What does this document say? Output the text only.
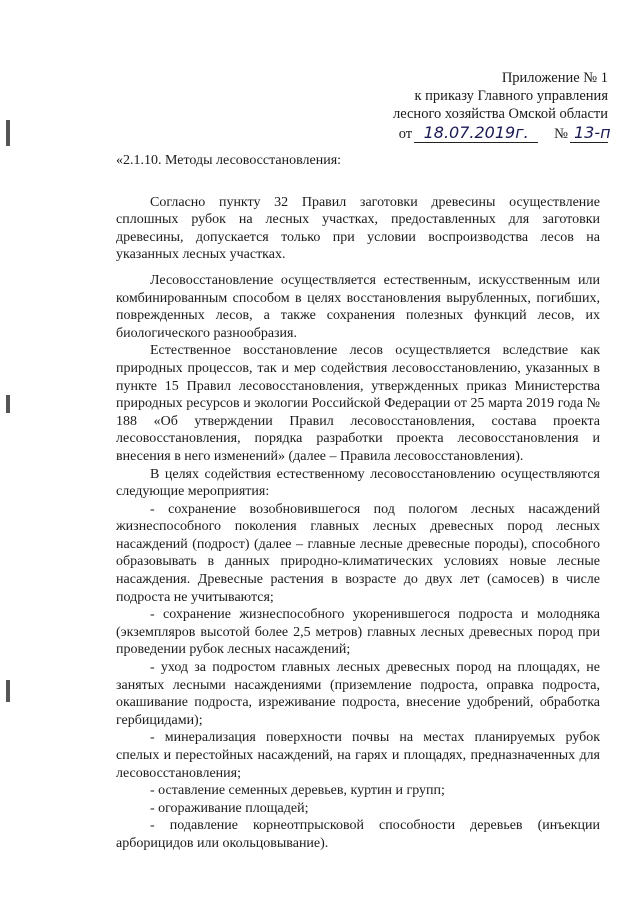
Приложение № 1
к приказу Главного управления
лесного хозяйства Омской области
от 18.07.2019г.	№ 13-п

«2.1.10. Методы лесовосстановления:

Согласно пункту 32 Правил заготовки древесины осуществление сплошных рубок на лесных участках, предоставленных для заготовки древесины, допускается только при условии воспроизводства лесов на указанных лесных участках.

Лесовосстановление осуществляется естественным, искусственным или комбинированным способом в целях восстановления вырубленных, погибших, поврежденных лесов, а также сохранения полезных функций лесов, их биологического разнообразия.

Естественное восстановление лесов осуществляется вследствие как природных процессов, так и мер содействия лесовосстановлению, указанных в пункте 15 Правил лесовосстановления, утвержденных приказ Министерства природных ресурсов и экологии Российской Федерации от 25 марта 2019 года № 188 «Об утверждении Правил лесовосстановления, состава проекта лесовосстановления, порядка разработки проекта лесовосстановления и внесения в него изменений» (далее – Правила лесовосстановления).

В целях содействия естественному лесовосстановлению осуществляются следующие мероприятия:

- сохранение возобновившегося под пологом лесных насаждений жизнеспособного поколения главных лесных древесных пород лесных насаждений (подрост) (далее – главные лесные древесные породы), способного образовывать в данных природно-климатических условиях новые лесные насаждения. Древесные растения в возрасте до двух лет (самосев) в числе подроста не учитываются;

- сохранение жизнеспособного укоренившегося подроста и молодняка (экземпляров высотой более 2,5 метров) главных лесных древесных пород при проведении рубок лесных насаждений;

- уход за подростом главных лесных древесных пород на площадях, не занятых лесными насаждениями (приземление подроста, оправка подроста, окашивание подроста, изреживание подроста, внесение удобрений, обработка гербицидами);

- минерализация поверхности почвы на местах планируемых рубок спелых и перестойных насаждений, на гарях и площадях, предназначенных для лесовосстановления;

- оставление семенных деревьев, куртин и групп;

- огораживание площадей;

- подавление корнеотпрысковой способности деревьев (инъекции арборицидов или окольцовывание).
